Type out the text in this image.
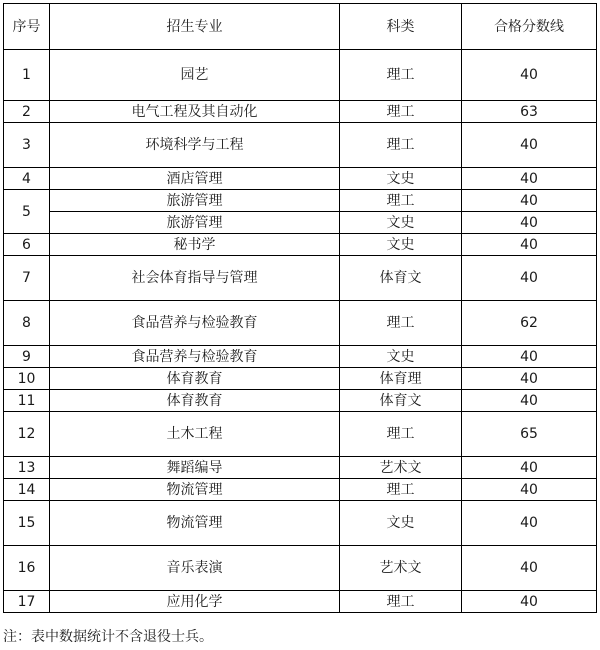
序号	招生专业	科类	合格分数线
1	园艺	理工	40
2	电气工程及其自动化	理工	63
3	环境科学与工程	理工	40
4	酒店管理	文史	40
5	旅游管理	理工	40
	旅游管理	文史	40
6	秘书学	文史	40
7	社会体育指导与管理	体育文	40
8	食品营养与检验教育	理工	62
9	食品营养与检验教育	文史	40
10	体育教育	体育理	40
11	体育教育	体育文	40
12	土木工程	理工	65
13	舞蹈编导	艺术文	40
14	物流管理	理工	40
15	物流管理	文史	40
16	音乐表演	艺术文	40
17	应用化学	理工	40
注：表中数据统计不含退役士兵。
